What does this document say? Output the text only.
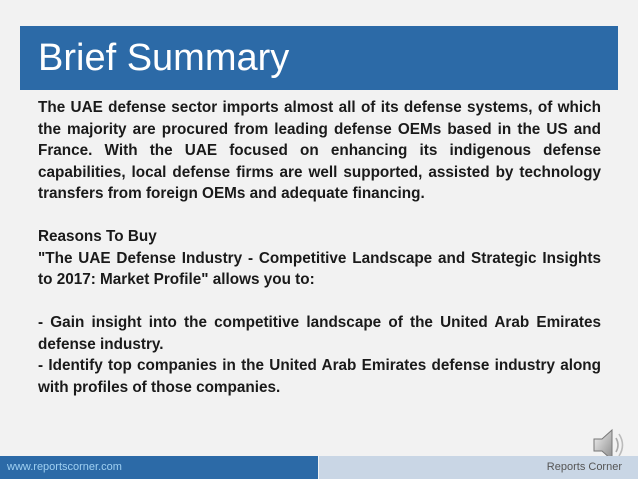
Brief Summary

The UAE defense sector imports almost all of its defense systems, of which the majority are procured from leading defense OEMs based in the US and France. With the UAE focused on enhancing its indigenous defense capabilities, local defense firms are well supported, assisted by technology transfers from foreign OEMs and adequate financing.

Reasons To Buy

"The UAE Defense Industry - Competitive Landscape and Strategic Insights to 2017: Market Profile" allows you to:

- Gain insight into the competitive landscape of the United Arab Emirates defense industry.

- Identify top companies in the United Arab Emirates defense industry along with profiles of those companies.

www.reportscorner.com	Reports Corner
